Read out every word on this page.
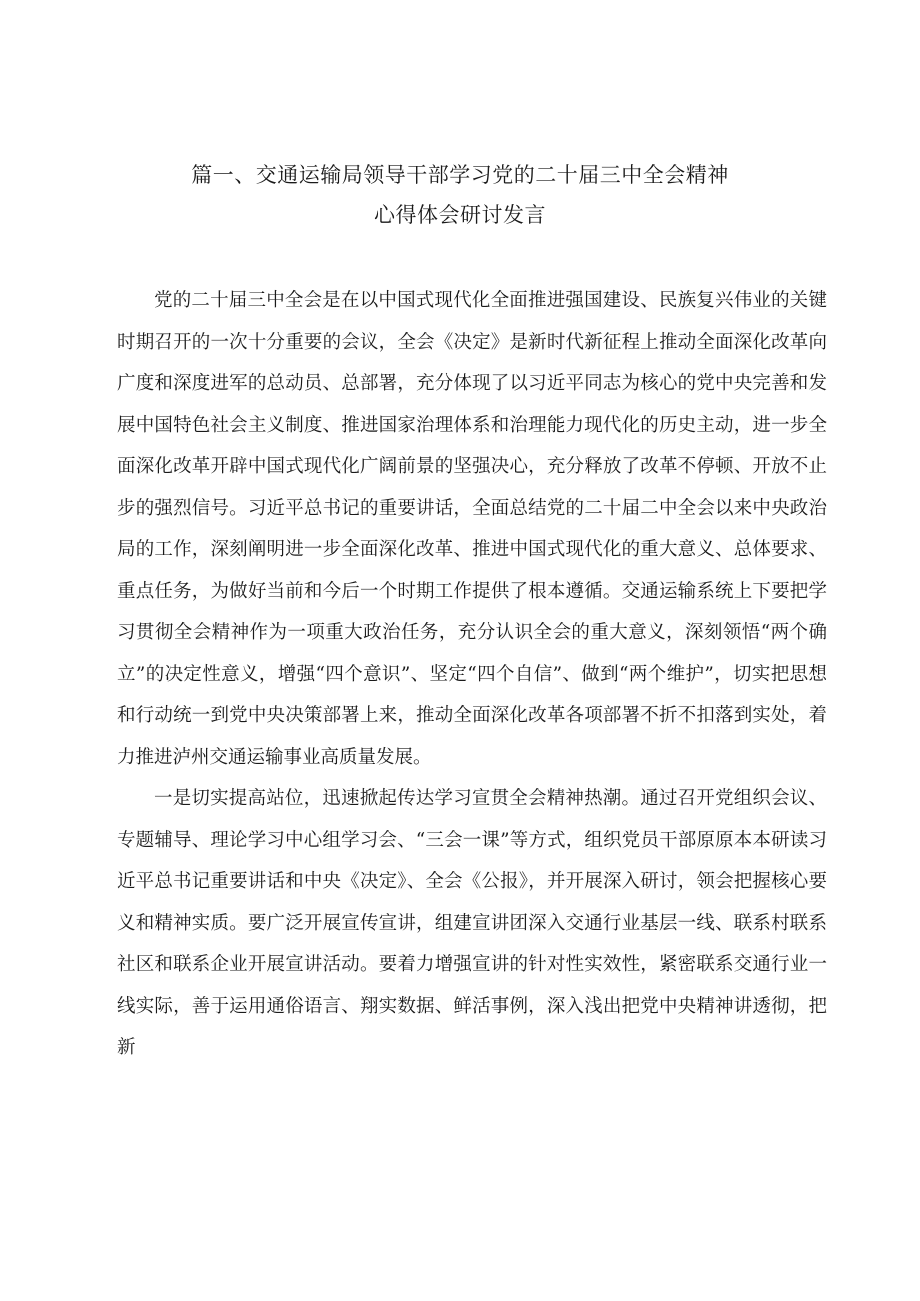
篇一、交通运输局领导干部学习党的二十届三中全会精神
心得体会研讨发言

党的二十届三中全会是在以中国式现代化全面推进强国建设、民族复兴伟业的关键时期召开的一次十分重要的会议，全会《决定》是新时代新征程上推动全面深化改革向广度和深度进军的总动员、总部署，充分体现了以习近平同志为核心的党中央完善和发展中国特色社会主义制度、推进国家治理体系和治理能力现代化的历史主动，进一步全面深化改革开辟中国式现代化广阔前景的坚强决心，充分释放了改革不停顿、开放不止步的强烈信号。习近平总书记的重要讲话，全面总结党的二十届二中全会以来中央政治局的工作，深刻阐明进一步全面深化改革、推进中国式现代化的重大意义、总体要求、重点任务，为做好当前和今后一个时期工作提供了根本遵循。交通运输系统上下要把学习贯彻全会精神作为一项重大政治任务，充分认识全会的重大意义，深刻领悟“两个确立”的决定性意义，增强“四个意识”、坚定“四个自信”、做到“两个维护”，切实把思想和行动统一到党中央决策部署上来，推动全面深化改革各项部署不折不扣落到实处，着力推进泸州交通运输事业高质量发展。

一是切实提高站位，迅速掀起传达学习宣贯全会精神热潮。通过召开党组织会议、专题辅导、理论学习中心组学习会、“三会一课”等方式，组织党员干部原原本本研读习近平总书记重要讲话和中央《决定》、全会《公报》，并开展深入研讨，领会把握核心要义和精神实质。要广泛开展宣传宣讲，组建宣讲团深入交通行业基层一线、联系村联系社区和联系企业开展宣讲活动。要着力增强宣讲的针对性实效性，紧密联系交通行业一线实际，善于运用通俗语言、翔实数据、鲜活事例，深入浅出把党中央精神讲透彻，把新
